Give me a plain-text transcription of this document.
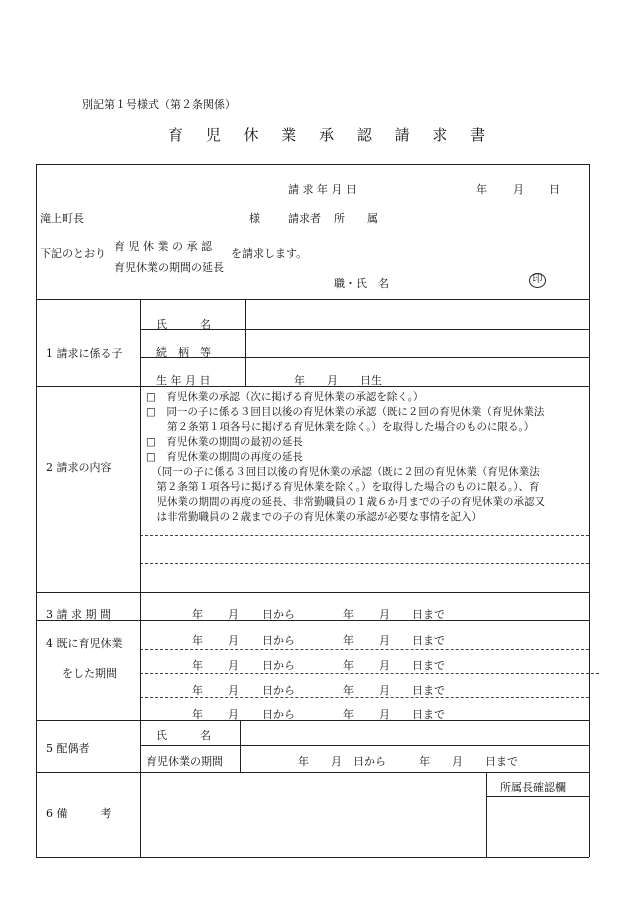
別記第１号様式（第２条関係）
育 児 休 業 承 認 請 求 書
請 求 年 月 日	年 月 日
滝上町長	様	請求者 所　　属
下記のとおり
育 児 休 業 の 承 認
育児休業の期間の延長
を請求します。
職・氏　名	印
1 請求に係る子
氏　　　名
続　柄　等
生 年 月 日	年　　月　　日生
2 請求の内容
□　育児休業の承認（次に掲げる育児休業の承認を除く。）
□　同一の子に係る３回目以後の育児休業の承認（既に２回の育児休業（育児休業法
　　第２条第１項各号に掲げる育児休業を除く。）を取得した場合のものに限る。）
□　育児休業の期間の最初の延長
□　育児休業の期間の再度の延長
　（同一の子に係る３回目以後の育児休業の承認（既に２回の育児休業（育児休業法
　第２条第１項各号に掲げる育児休業を除く。）を取得した場合のものに限る。）、育
　児休業の期間の再度の延長、非常勤職員の１歳６か月までの子の育児休業の承認又
　は非常勤職員の２歳までの子の育児休業の承認が必要な事情を記入）
3 請 求 期 間	年 月 日から	年 月 日まで
4 既に育児休業
をした期間
年 月 日から	年 月 日まで
年 月 日から	年 月 日まで
年 月 日から	年 月 日まで
年 月 日から	年 月 日まで
5 配偶者
氏　　　名
育児休業の期間	年　　月　日から　　　年　　月　　日まで
6 備　　　考
所属長確認欄
